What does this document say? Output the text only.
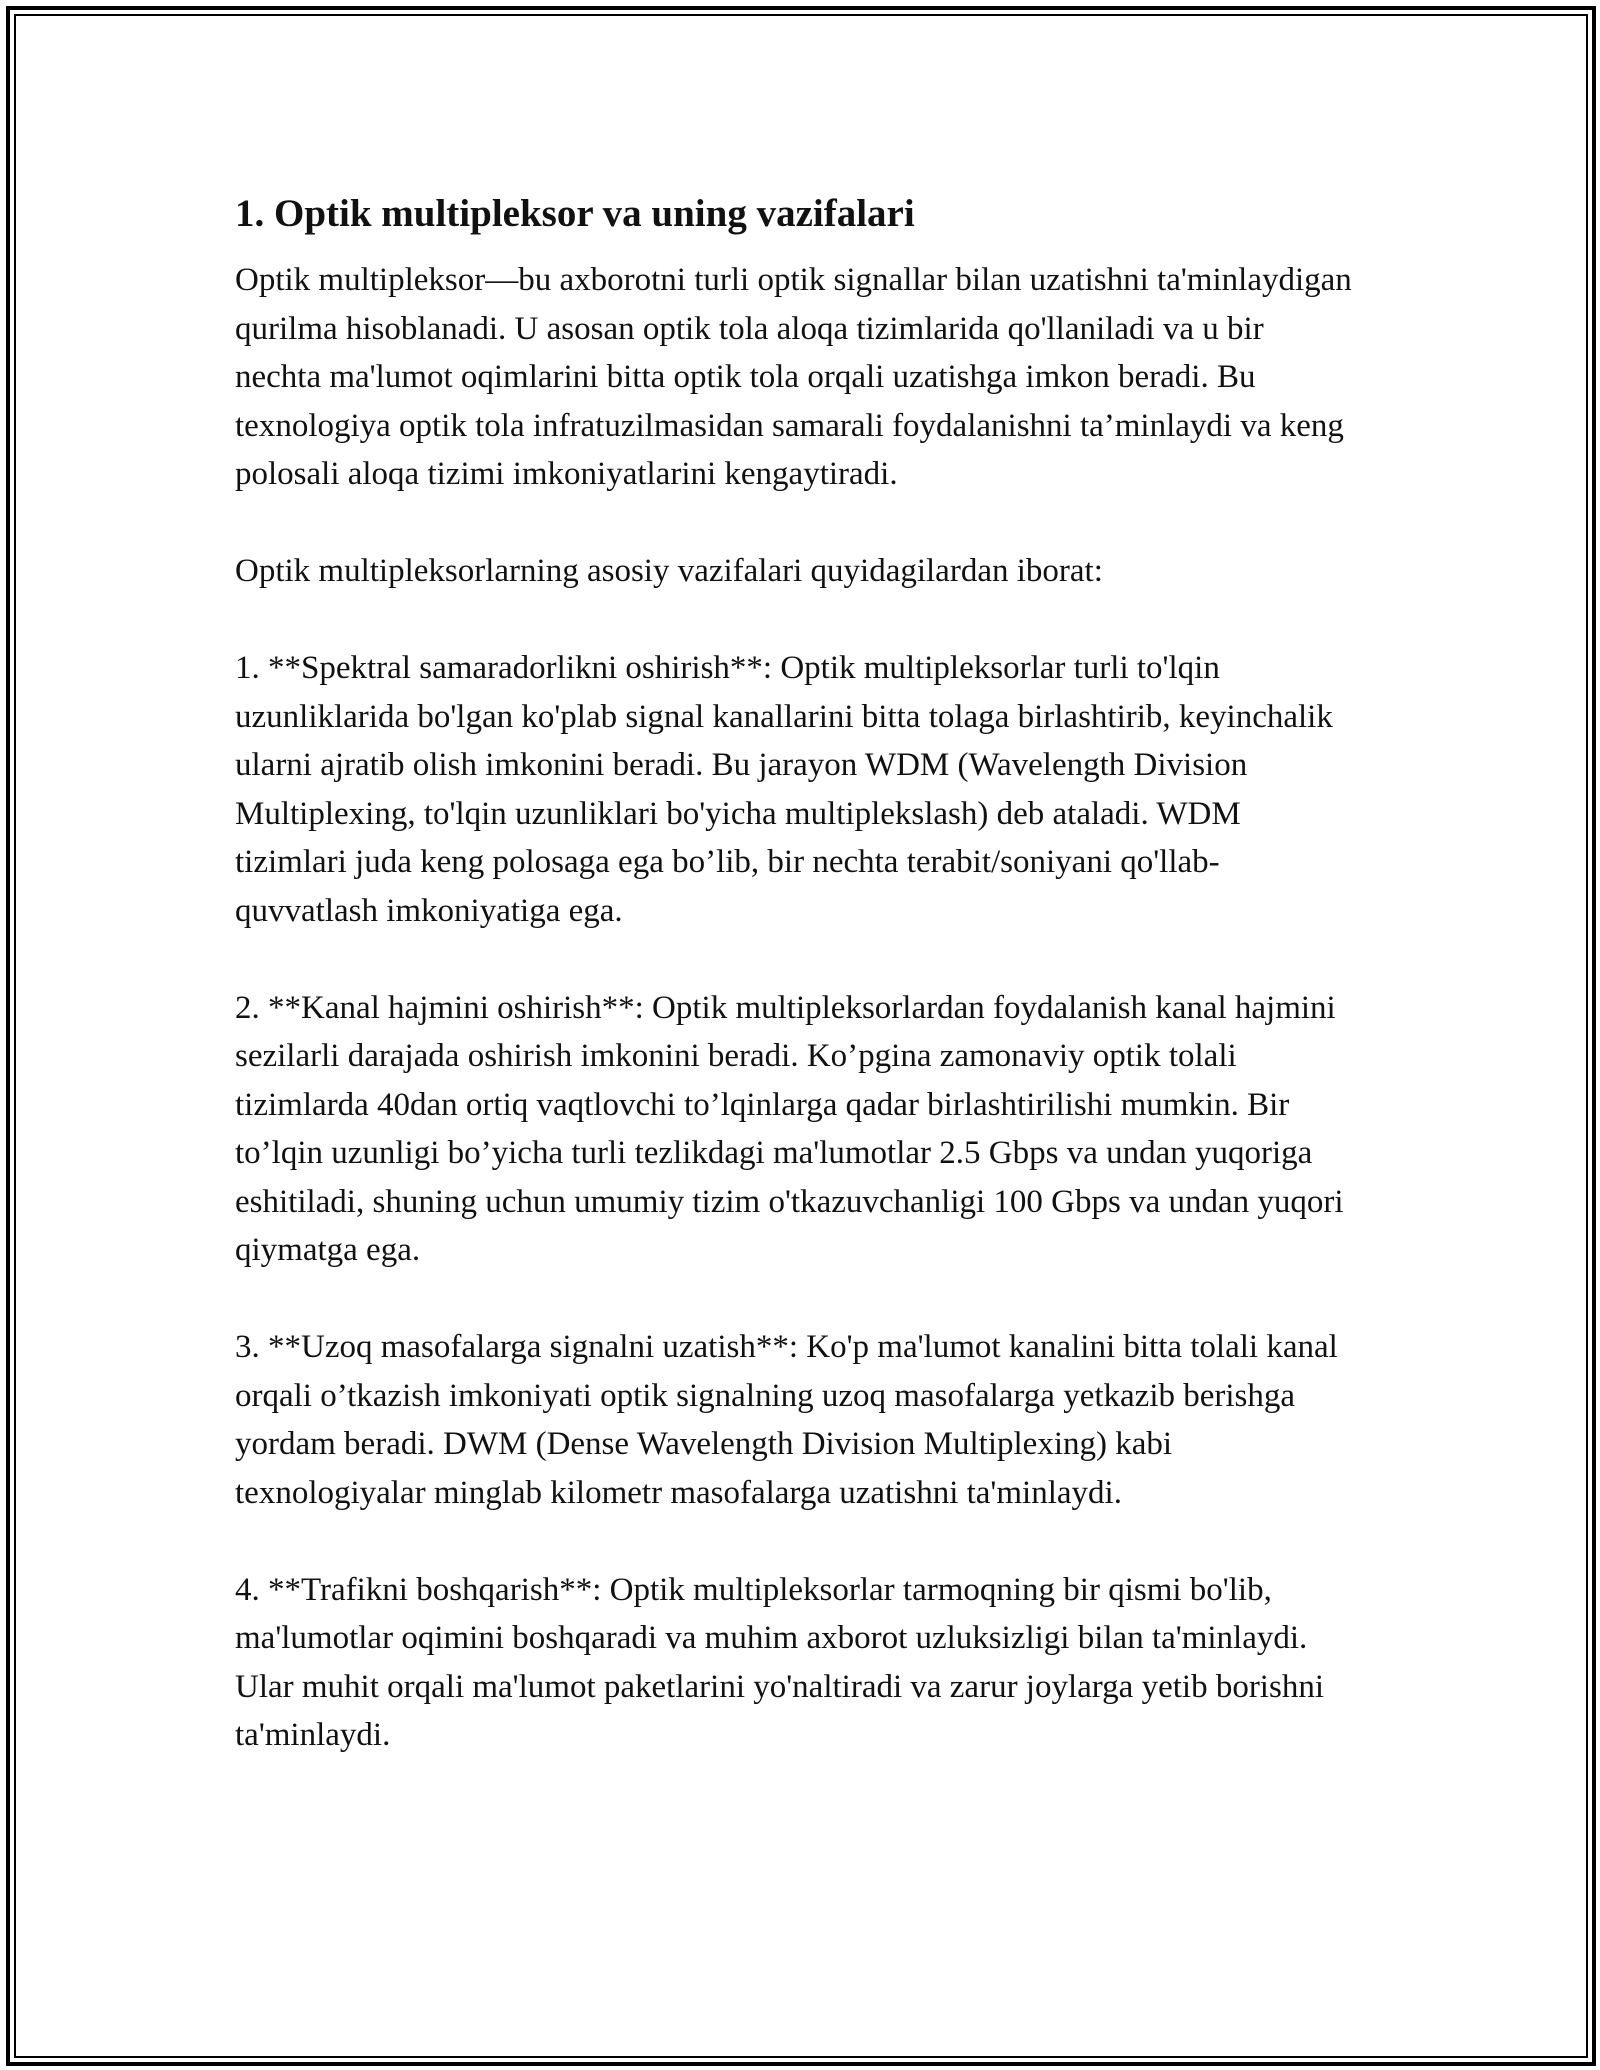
1. Optik multipleksor va uning vazifalari

Optik multipleksor—bu axborotni turli optik signallar bilan uzatishni ta'minlaydigan qurilma hisoblanadi. U asosan optik tola aloqa tizimlarida qo'llaniladi va u bir nechta ma'lumot oqimlarini bitta optik tola orqali uzatishga imkon beradi. Bu texnologiya optik tola infratuzilmasidan samarali foydalanishni ta’minlaydi va keng polosali aloqa tizimi imkoniyatlarini kengaytiradi.

Optik multipleksorlarning asosiy vazifalari quyidagilardan iborat:

1. **Spektral samaradorlikni oshirish**: Optik multipleksorlar turli to'lqin uzunliklarida bo'lgan ko'plab signal kanallarini bitta tolaga birlashtirib, keyinchalik ularni ajratib olish imkonini beradi. Bu jarayon WDM (Wavelength Division Multiplexing, to'lqin uzunliklari bo'yicha multiplekslash) deb ataladi. WDM tizimlari juda keng polosaga ega bo’lib, bir nechta terabit/soniyani qo'llab-quvvatlash imkoniyatiga ega.

2. **Kanal hajmini oshirish**: Optik multipleksorlardan foydalanish kanal hajmini sezilarli darajada oshirish imkonini beradi. Ko’pgina zamonaviy optik tolali tizimlarda 40dan ortiq vaqtlovchi to’lqinlarga qadar birlashtirilishi mumkin. Bir to’lqin uzunligi bo’yicha turli tezlikdagi ma'lumotlar 2.5 Gbps va undan yuqoriga eshitiladi, shuning uchun umumiy tizim o'tkazuvchanligi 100 Gbps va undan yuqori qiymatga ega.

3. **Uzoq masofalarga signalni uzatish**: Ko'p ma'lumot kanalini bitta tolali kanal orqali o’tkazish imkoniyati optik signalning uzoq masofalarga yetkazib berishga yordam beradi. DWM (Dense Wavelength Division Multiplexing) kabi texnologiyalar minglab kilometr masofalarga uzatishni ta'minlaydi.

4. **Trafikni boshqarish**: Optik multipleksorlar tarmoqning bir qismi bo'lib, ma'lumotlar oqimini boshqaradi va muhim axborot uzluksizligi bilan ta'minlaydi. Ular muhit orqali ma'lumot paketlarini yo'naltiradi va zarur joylarga yetib borishni ta'minlaydi.
